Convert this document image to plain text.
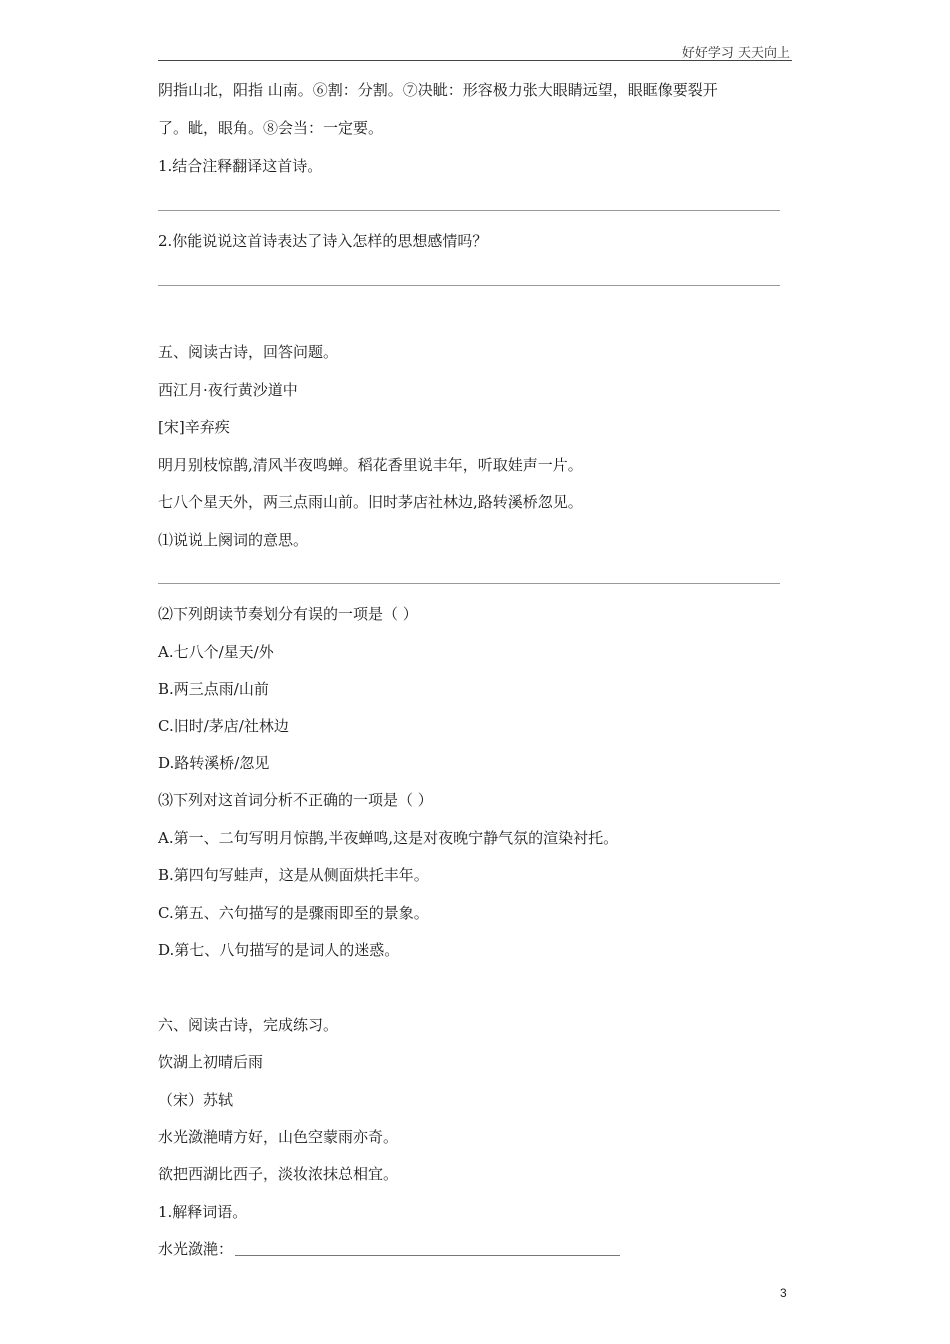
好好学习 天天向上
阴指山北，阳指 山南。⑥割：分割。⑦决眦：形容极力张大眼睛远望，眼眶像要裂开
了。眦，眼角。⑧会当：一定要。
1.结合注释翻译这首诗。
2.你能说说这首诗表达了诗入怎样的思想感情吗？
五、阅读古诗，回答问题。
西江月·夜行黄沙道中
[宋]辛弃疾
明月别枝惊鹊,清风半夜鸣蝉。稻花香里说丰年，听取娃声一片。
七八个星天外，两三点雨山前。旧时茅店社林边,路转溪桥忽见。
⑴说说上阕词的意思。
⑵下列朗读节奏划分有误的一项是（ ）
A.七八个/星天/外
B.两三点雨/山前
C.旧时/茅店/社林边
D.路转溪桥/忽见
⑶下列对这首词分析不正确的一项是（ ）
A.第一、二句写明月惊鹊,半夜蝉鸣,这是对夜晚宁静气氛的渲染衬托。
B.第四句写蛙声，这是从侧面烘托丰年。
C.第五、六句描写的是骤雨即至的景象。
D.第七、八句描写的是词人的迷惑。
六、阅读古诗，完成练习。
饮湖上初晴后雨
（宋）苏轼
水光潋滟晴方好，山色空蒙雨亦奇。
欲把西湖比西子，淡妆浓抹总相宜。
1.解释词语。
水光潋滟：
3
